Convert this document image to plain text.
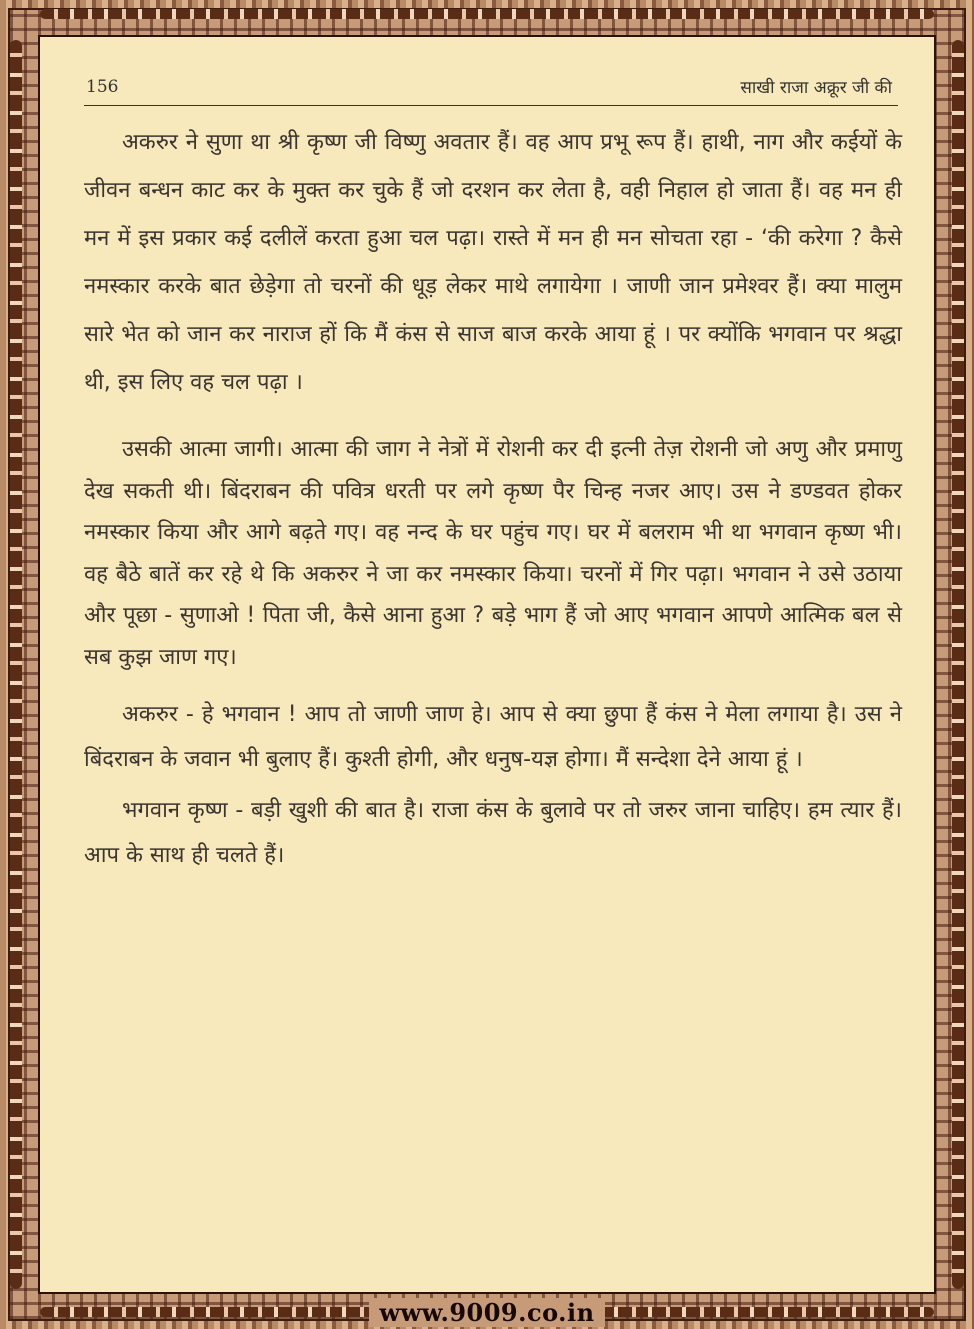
156	साखी राजा अक्रूर जी की

अकरुर ने सुणा था श्री कृष्ण जी विष्णु अवतार हैं। वह आप प्रभू रूप हैं। हाथी, नाग और कईयों के जीवन बन्धन काट कर के मुक्त कर चुके हैं जो दरशन कर लेता है, वही निहाल हो जाता हैं। वह मन ही मन में इस प्रकार कई दलीलें करता हुआ चल पढ़ा। रास्ते में मन ही मन सोचता रहा - ‘की करेगा ? कैसे नमस्कार करके बात छेड़ेगा तो चरनों की धूड़ लेकर माथे लगायेगा । जाणी जान प्रमेश्वर हैं। क्या मालुम सारे भेत को जान कर नाराज हों कि मैं कंस से साज बाज करके आया हूं । पर क्योंकि भगवान पर श्रद्धा थी, इस लिए वह चल पढ़ा ।

उसकी आत्मा जागी। आत्मा की जाग ने नेत्रों में रोशनी कर दी इत्नी तेज़ रोशनी जो अणु और प्रमाणु देख सकती थी। बिंदराबन की पवित्र धरती पर लगे कृष्ण पैर चिन्ह नजर आए। उस ने डण्डवत होकर नमस्कार किया और आगे बढ़ते गए। वह नन्द के घर पहुंच गए। घर में बलराम भी था भगवान कृष्ण भी। वह बैठे बातें कर रहे थे कि अकरुर ने जा कर नमस्कार किया। चरनों में गिर पढ़ा। भगवान ने उसे उठाया और पूछा - सुणाओ ! पिता जी, कैसे आना हुआ ? बड़े भाग हैं जो आए भगवान आपणे आत्मिक बल से सब कुझ जाण गए।

अकरुर - हे भगवान ! आप तो जाणी जाण हे। आप से क्या छुपा हैं कंस ने मेला लगाया है। उस ने बिंदराबन के जवान भी बुलाए हैं। कुश्ती होगी, और धनुष-यज्ञ होगा। मैं सन्देशा देने आया हूं ।

भगवान कृष्ण - बड़ी खुशी की बात है। राजा कंस के बुलावे पर तो जरुर जाना चाहिए। हम त्यार हैं। आप के साथ ही चलते हैं।

www.9009.co.in
